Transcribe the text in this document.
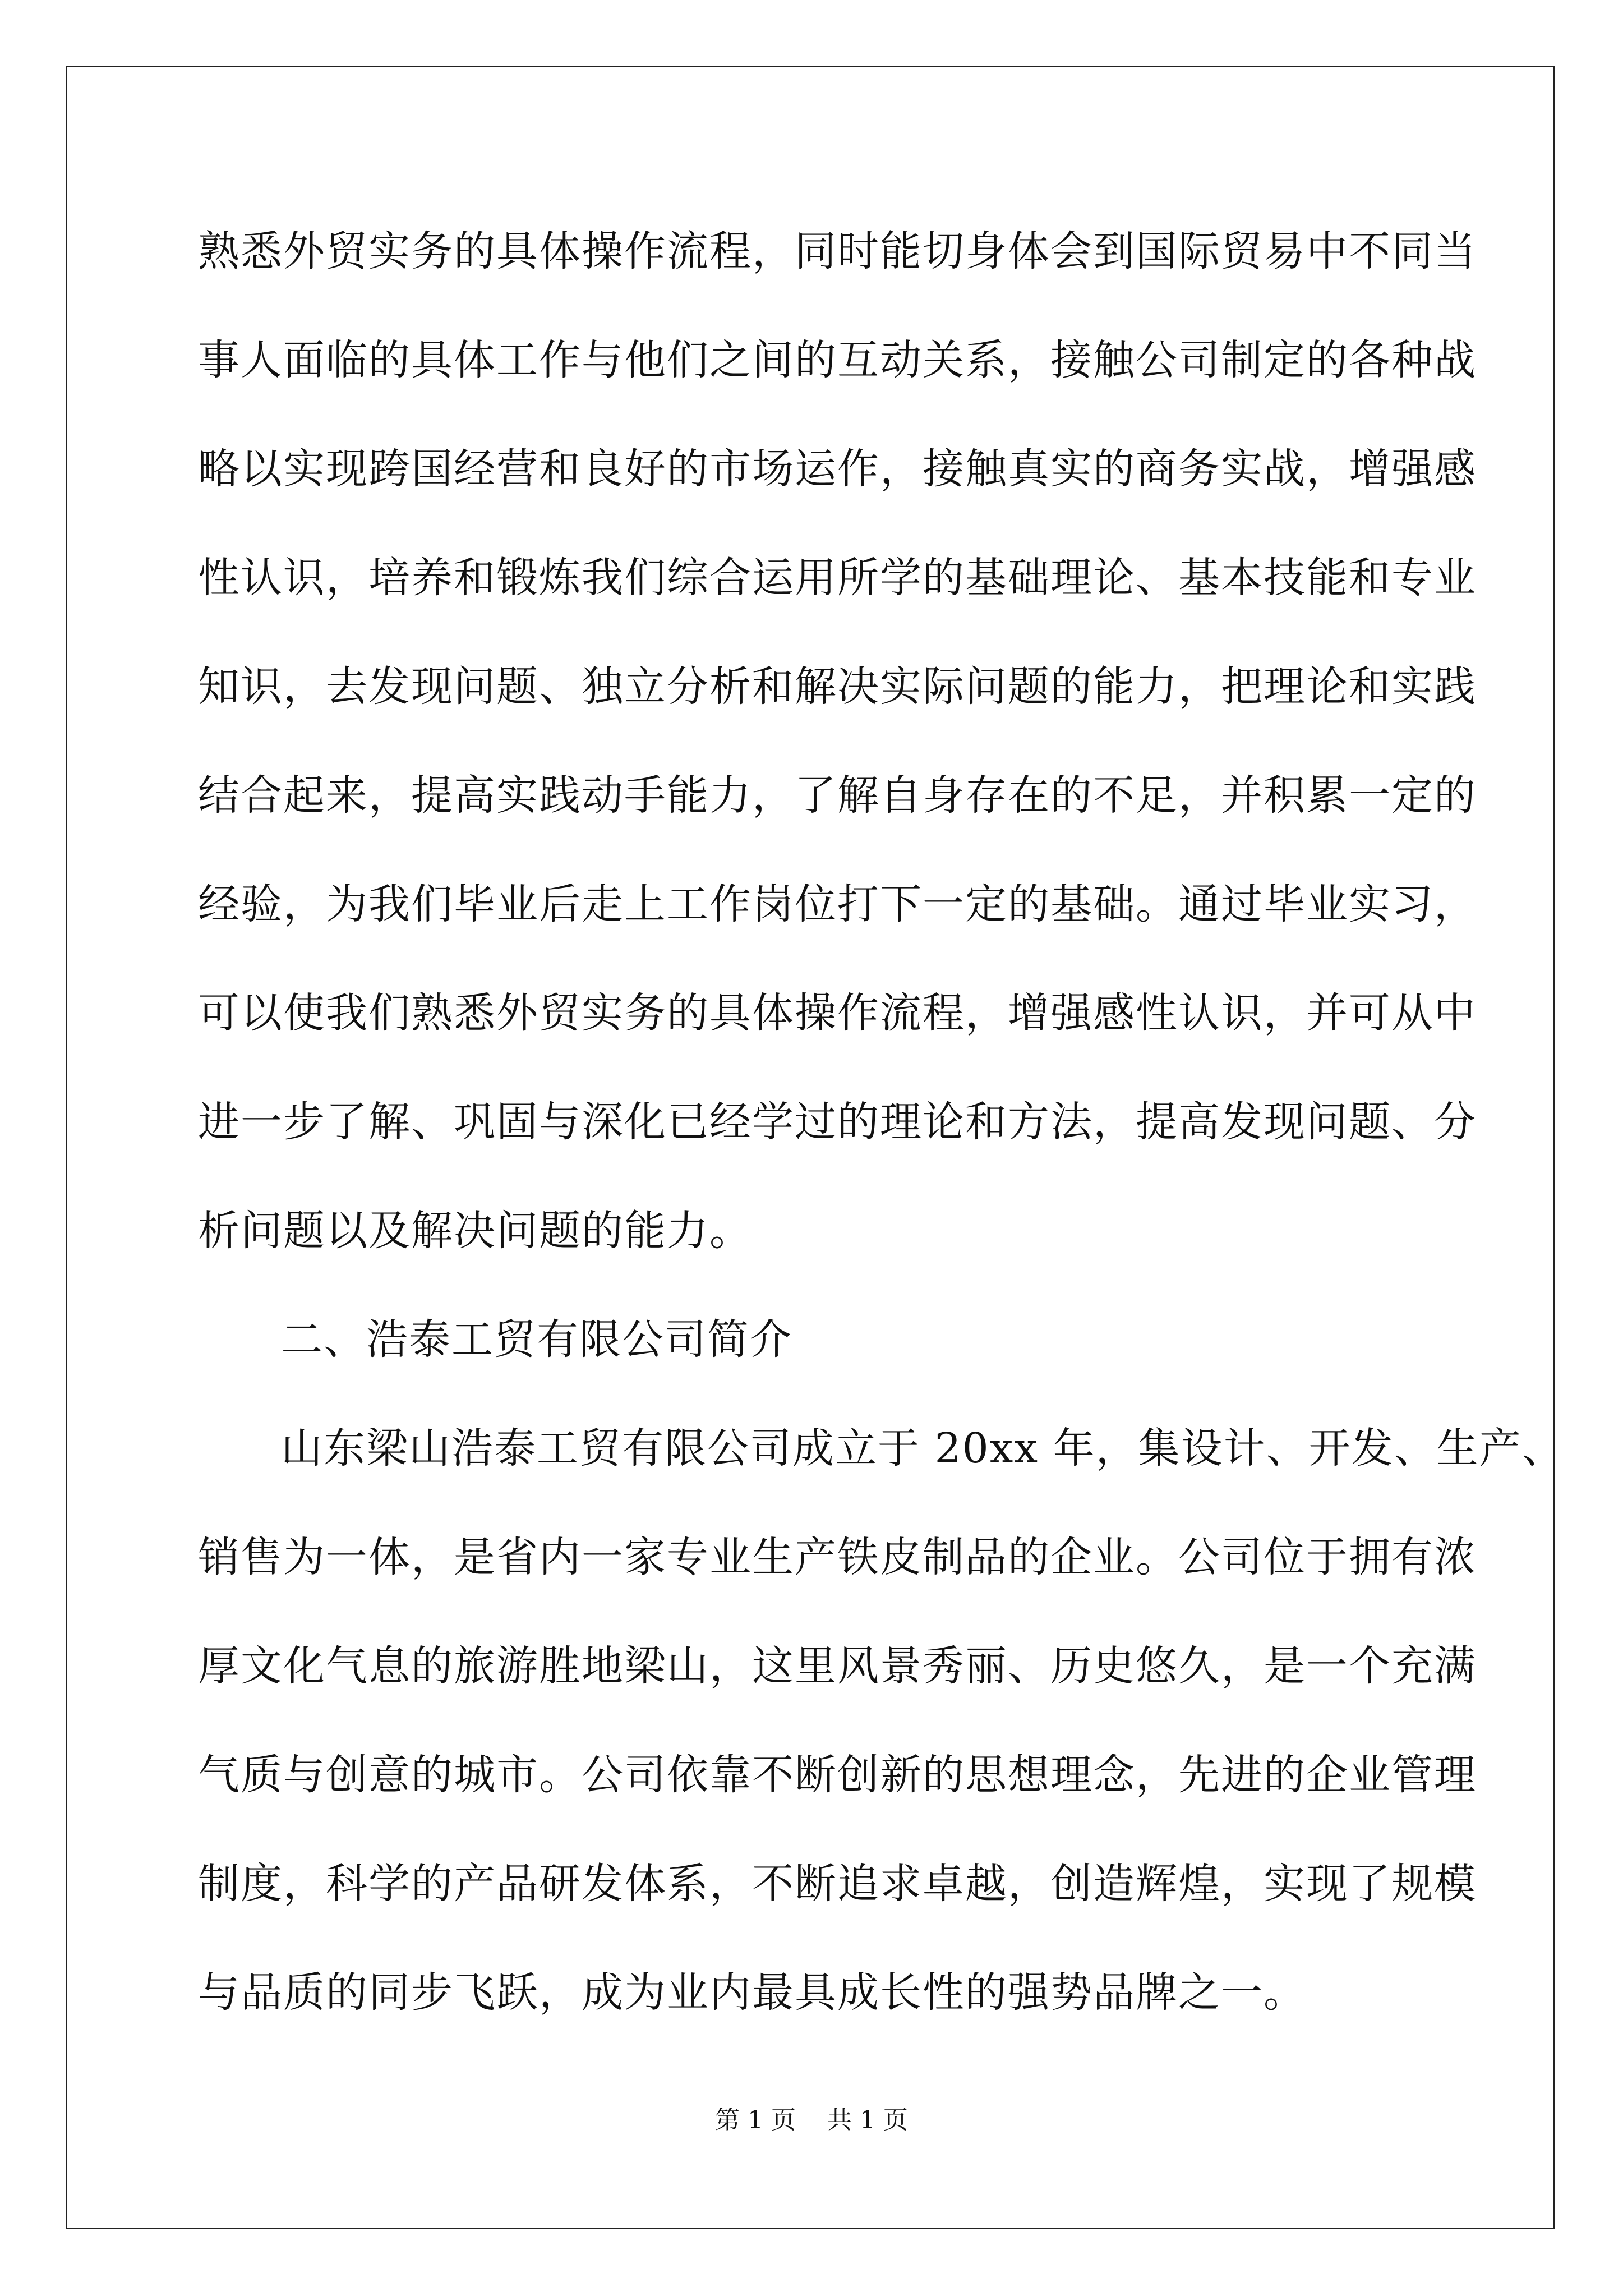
熟悉外贸实务的具体操作流程，同时能切身体会到国际贸易中不同当
事人面临的具体工作与他们之间的互动关系，接触公司制定的各种战
略以实现跨国经营和良好的市场运作，接触真实的商务实战，增强感
性认识，培养和锻炼我们综合运用所学的基础理论、基本技能和专业
知识，去发现问题、独立分析和解决实际问题的能力，把理论和实践
结合起来，提高实践动手能力，了解自身存在的不足，并积累一定的
经验，为我们毕业后走上工作岗位打下一定的基础。通过毕业实习，
可以使我们熟悉外贸实务的具体操作流程，增强感性认识，并可从中
进一步了解、巩固与深化已经学过的理论和方法，提高发现问题、分
析问题以及解决问题的能力。
二、浩泰工贸有限公司简介
山东梁山浩泰工贸有限公司成立于 20xx 年，集设计、开发、生产、
销售为一体，是省内一家专业生产铁皮制品的企业。公司位于拥有浓
厚文化气息的旅游胜地梁山，这里风景秀丽、历史悠久，是一个充满
气质与创意的城市。公司依靠不断创新的思想理念，先进的企业管理
制度，科学的产品研发体系，不断追求卓越，创造辉煌，实现了规模
与品质的同步飞跃，成为业内最具成长性的强势品牌之一。
第 1 页    共 1 页
